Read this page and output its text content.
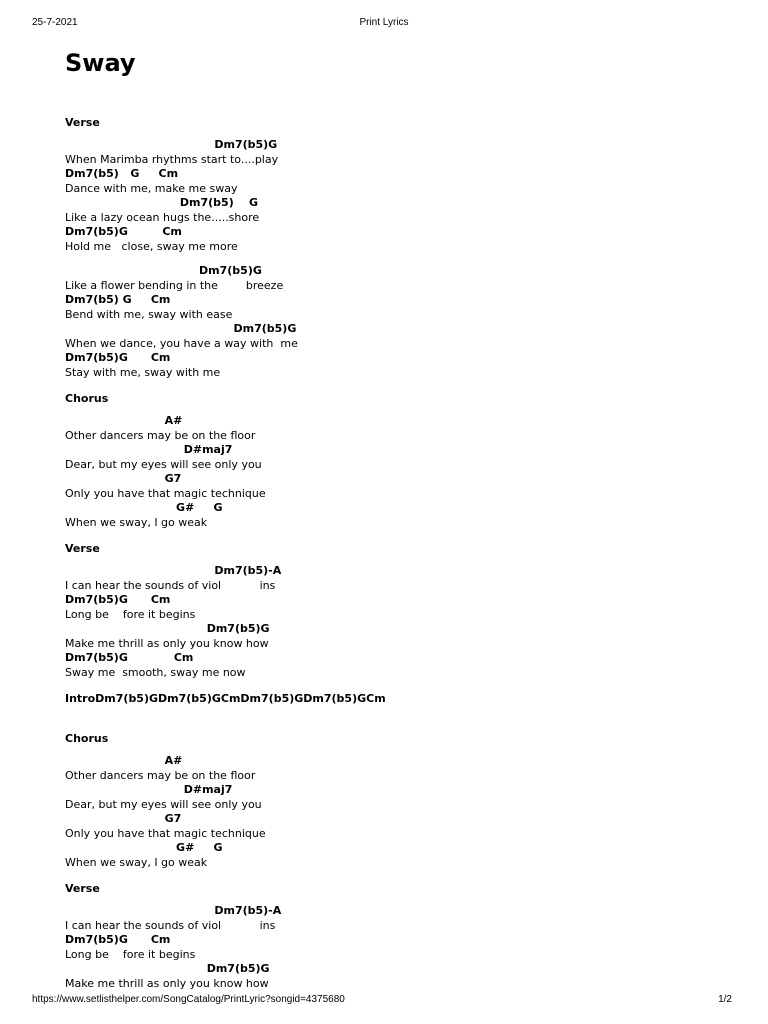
25-7-2021	Print Lyrics
Sway
Verse
Dm7(b5)G
When Marimba rhythms start to....play
Dm7(b5)   G     Cm
Dance with me, make me sway
Dm7(b5)    G
Like a lazy ocean hugs the.....shore
Dm7(b5)G         Cm
Hold me   close, sway me more
Dm7(b5)G
Like a flower bending in the        breeze
Dm7(b5) G     Cm
Bend with me, sway with ease
Dm7(b5)G
When we dance, you have a way with  me
Dm7(b5)G      Cm
Stay with me, sway with me
Chorus
A#
Other dancers may be on the floor
D#maj7
Dear, but my eyes will see only you
G7
Only you have that magic technique
G#     G
When we sway, I go weak
Verse
Dm7(b5)-A
I can hear the sounds of viol           ins
Dm7(b5)G      Cm
Long be    fore it begins
Dm7(b5)G
Make me thrill as only you know how
Dm7(b5)G            Cm
Sway me  smooth, sway me now
IntroDm7(b5)GDm7(b5)GCmDm7(b5)GDm7(b5)GCm
Chorus
A#
Other dancers may be on the floor
D#maj7
Dear, but my eyes will see only you
G7
Only you have that magic technique
G#     G
When we sway, I go weak
Verse
Dm7(b5)-A
I can hear the sounds of viol           ins
Dm7(b5)G      Cm
Long be    fore it begins
Dm7(b5)G
Make me thrill as only you know how
https://www.setlisthelper.com/SongCatalog/PrintLyric?songid=4375680	1/2
